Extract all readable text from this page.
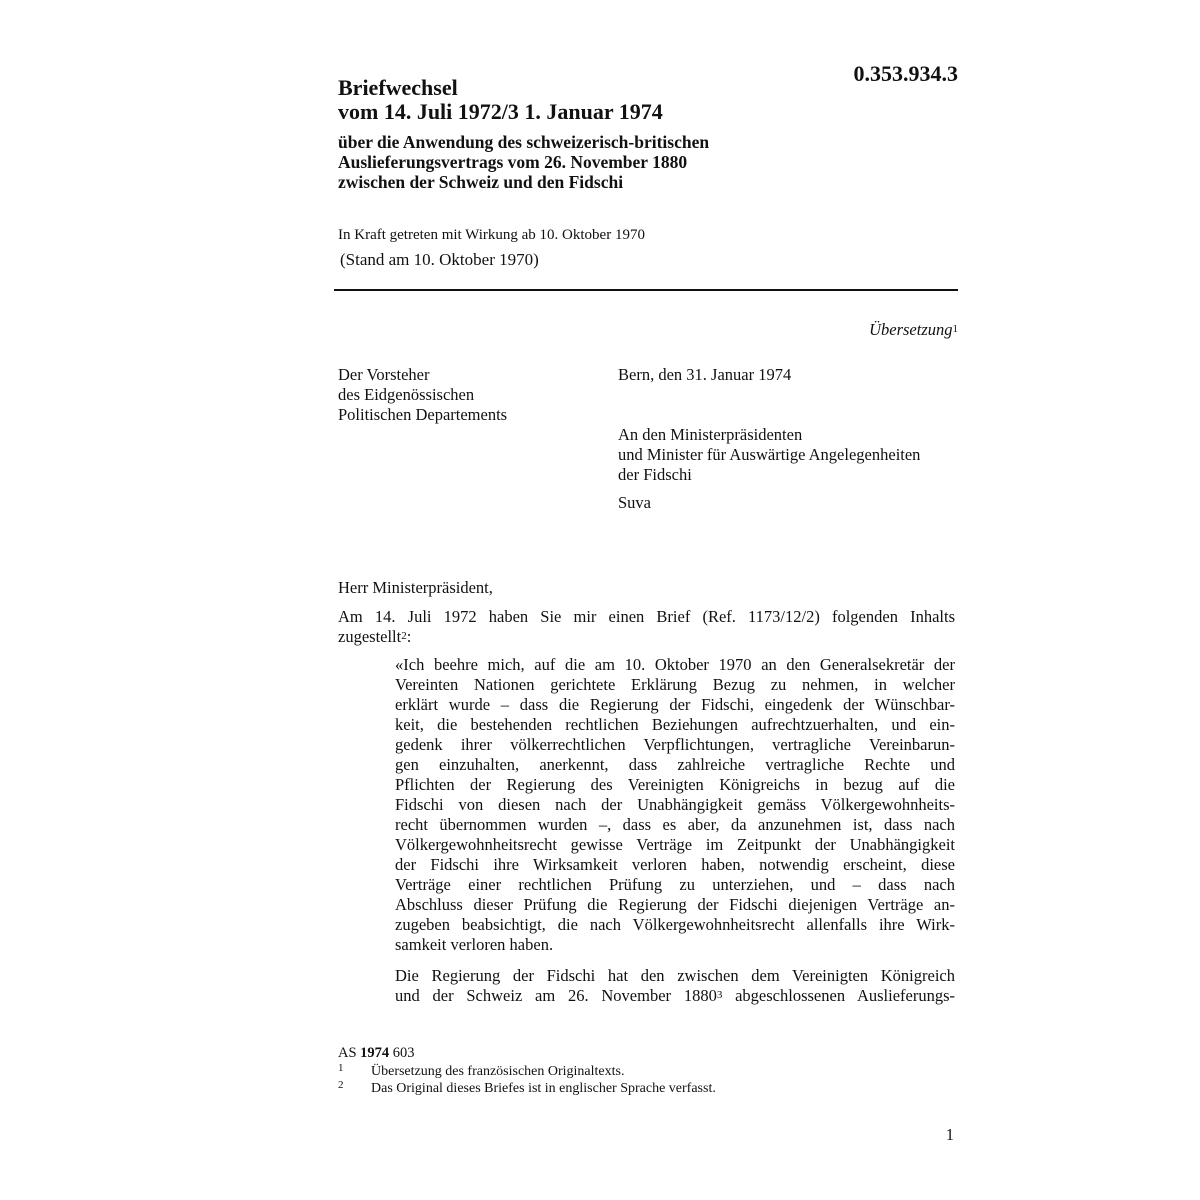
0.353.934.3
Briefwechsel
vom 14. Juli 1972/3 1. Januar 1974
über die Anwendung des schweizerisch-britischen
Auslieferungsvertrags vom 26. November 1880
zwischen der Schweiz und den Fidschi
In Kraft getreten mit Wirkung ab 10. Oktober 1970
(Stand am 10. Oktober 1970)
Übersetzung$^1$
Der Vorsteher
des Eidgenössischen
Politischen Departements
Bern, den 31. Januar 1974
An den Ministerpräsidenten
und Minister für Auswärtige Angelegenheiten
der Fidschi
Suva
Herr Ministerpräsident,
Am 14. Juli 1972 haben Sie mir einen Brief (Ref. 1173/12/2) folgenden Inhalts
zugestellt$^2$:
«Ich beehre mich, auf die am 10. Oktober 1970 an den Generalsekretär der
Vereinten Nationen gerichtete Erklärung Bezug zu nehmen, in welcher
erklärt wurde – dass die Regierung der Fidschi, eingedenk der Wünschbar-
keit, die bestehenden rechtlichen Beziehungen aufrechtzuerhalten, und ein-
gedenk ihrer völkerrechtlichen Verpflichtungen, vertragliche Vereinbarun-
gen einzuhalten, anerkennt, dass zahlreiche vertragliche Rechte und
Pflichten der Regierung des Vereinigten Königreichs in bezug auf die
Fidschi von diesen nach der Unabhängigkeit gemäss Völkergewohnheits-
recht übernommen wurden –, dass es aber, da anzunehmen ist, dass nach
Völkergewohnheitsrecht gewisse Verträge im Zeitpunkt der Unabhängigkeit
der Fidschi ihre Wirksamkeit verloren haben, notwendig erscheint, diese
Verträge einer rechtlichen Prüfung zu unterziehen, und – dass nach
Abschluss dieser Prüfung die Regierung der Fidschi diejenigen Verträge an-
zugeben beabsichtigt, die nach Völkergewohnheitsrecht allenfalls ihre Wirk-
samkeit verloren haben.
Die Regierung der Fidschi hat den zwischen dem Vereinigten Königreich
und der Schweiz am 26. November 1880$^3$ abgeschlossenen Auslieferungs-
AS 1974 603
1 Übersetzung des französischen Originaltexts.
2 Das Original dieses Briefes ist in englischer Sprache verfasst.
1
